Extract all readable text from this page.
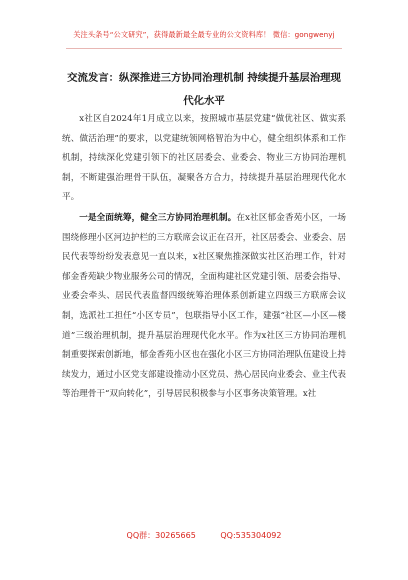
关注头条号“公文研究”，获得最新最全最专业的公文资料库！ 微信：gongwenyj
交流发言：纵深推进三方协同治理机制 持续提升基层治理现代化水平

x社区自2024年1月成立以来，按照城市基层党建“做优社区、做实系统、做活治理”的要求，以党建统领网格智治为中心，健全组织体系和工作机制，持续深化党建引领下的社区居委会、业委会、物业三方协同治理机制，不断建强治理骨干队伍，凝聚各方合力，持续提升基层治理现代化水平。

一是全面统筹，健全三方协同治理机制。在x社区郁金香苑小区，一场围绕修理小区河边护栏的三方联席会议正在召开，社区居委会、业委会、居民代表等纷纷发表意见一直以来，x社区聚焦推深做实社区治理工作，针对郁金香苑缺少物业服务公司的情况，全面构建社区党建引领、居委会指导、业委会牵头、居民代表监督四级统筹治理体系创新建立四级三方联席会议制，选派社工担任“小区专员”，包联指导小区工作，建强“社区—小区—楼道”三级治理机制，提升基层治理现代化水平。作为x社区三方协同治理机制重要探索创新地，郁金香苑小区也在强化小区三方协同治理队伍建设上持续发力，通过小区党支部建设推动小区党员、热心居民向业委会、业主代表等治理骨干“双向转化”，引导居民积极参与小区事务决策管理。x社

QQ群：30265665	QQ:535304092
